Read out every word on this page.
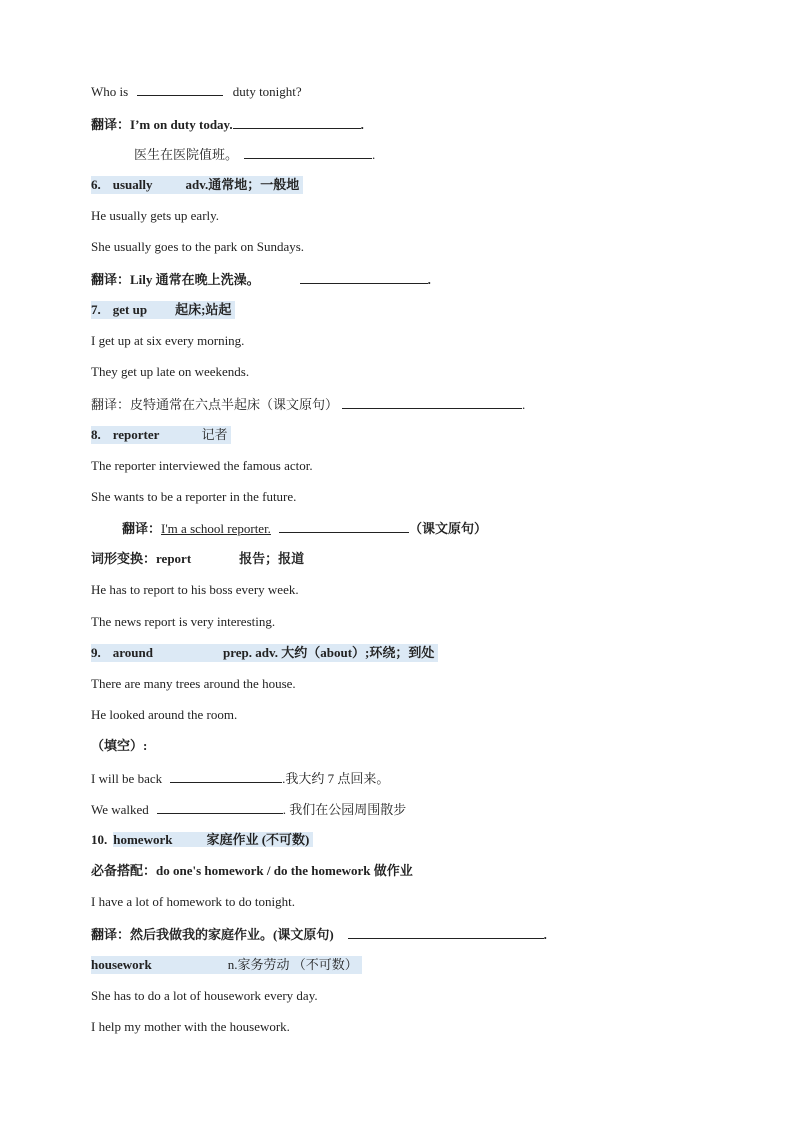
Who is	duty tonight?
翻译：I’m on duty today.	.
医生在医院值班。	.
6. usually	adv.通常地；一般地
He usually gets up early.
She usually goes to the park on Sundays.
翻译：Lily 通常在晚上洗澡。	.
7. get up 起床;站起
I get up at six every morning.
They get up late on weekends.
翻译：皮特通常在六点半起床（课文原句）	.
8. reporter	记者
The reporter interviewed the famous actor.
She wants to be a reporter in the future.
翻译：I'm a school reporter.	（课文原句）
词形变换：report	报告；报道
He has to report to his boss every week.
The news report is very interesting.
9. around	prep. adv. 大约（about）;环绕；到处
There are many trees around the house.
He looked around the room.
（填空）:
I will be back	.我大约 7 点回来。
We walked	. 我们在公园周围散步
10. homework	家庭作业 (不可数)
必备搭配：do one's homework / do the homework 做作业
I have a lot of homework to do tonight.
翻译：然后我做我的家庭作业。(课文原句)	.
housework	n.家务劳动 （不可数）
She has to do a lot of housework every day.
I help my mother with the housework.
